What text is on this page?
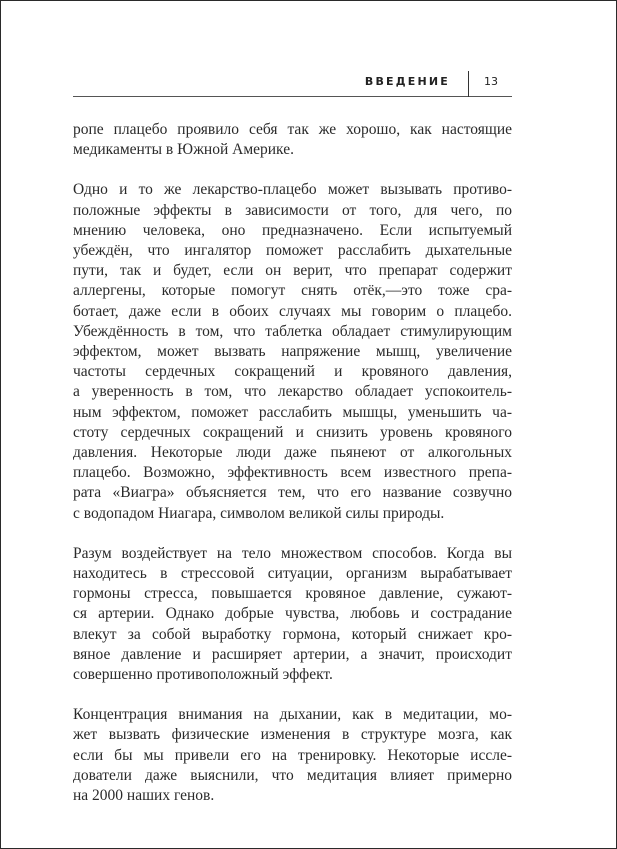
ВВЕДЕНИЕ	13
ропе плацебо проявило себя так же хорошо, как настоящие
медикаменты в Южной Америке.
Одно и то же лекарство-плацебо может вызывать противо-
положные эффекты в зависимости от того, для чего, по
мнению человека, оно предназначено. Если испытуемый
убеждён, что ингалятор поможет расслабить дыхательные
пути, так и будет, если он верит, что препарат содержит
аллергены, которые помогут снять отёк,—это тоже сра-
ботает, даже если в обоих случаях мы говорим о плацебо.
Убеждённость в том, что таблетка обладает стимулирующим
эффектом, может вызвать напряжение мышц, увеличение
частоты сердечных сокращений и кровяного давления,
а уверенность в том, что лекарство обладает успокоитель-
ным эффектом, поможет расслабить мышцы, уменьшить ча-
стоту сердечных сокращений и снизить уровень кровяного
давления. Некоторые люди даже пьянеют от алкогольных
плацебо. Возможно, эффективность всем известного препа-
рата «Виагра» объясняется тем, что его название созвучно
с водопадом Ниагара, символом великой силы природы.
Разум воздействует на тело множеством способов. Когда вы
находитесь в стрессовой ситуации, организм вырабатывает
гормоны стресса, повышается кровяное давление, сужают-
ся артерии. Однако добрые чувства, любовь и сострадание
влекут за собой выработку гормона, который снижает кро-
вяное давление и расширяет артерии, а значит, происходит
совершенно противоположный эффект.
Концентрация внимания на дыхании, как в медитации, мо-
жет вызвать физические изменения в структуре мозга, как
если бы мы привели его на тренировку. Некоторые иссле-
дователи даже выяснили, что медитация влияет примерно
на 2000 наших генов.
